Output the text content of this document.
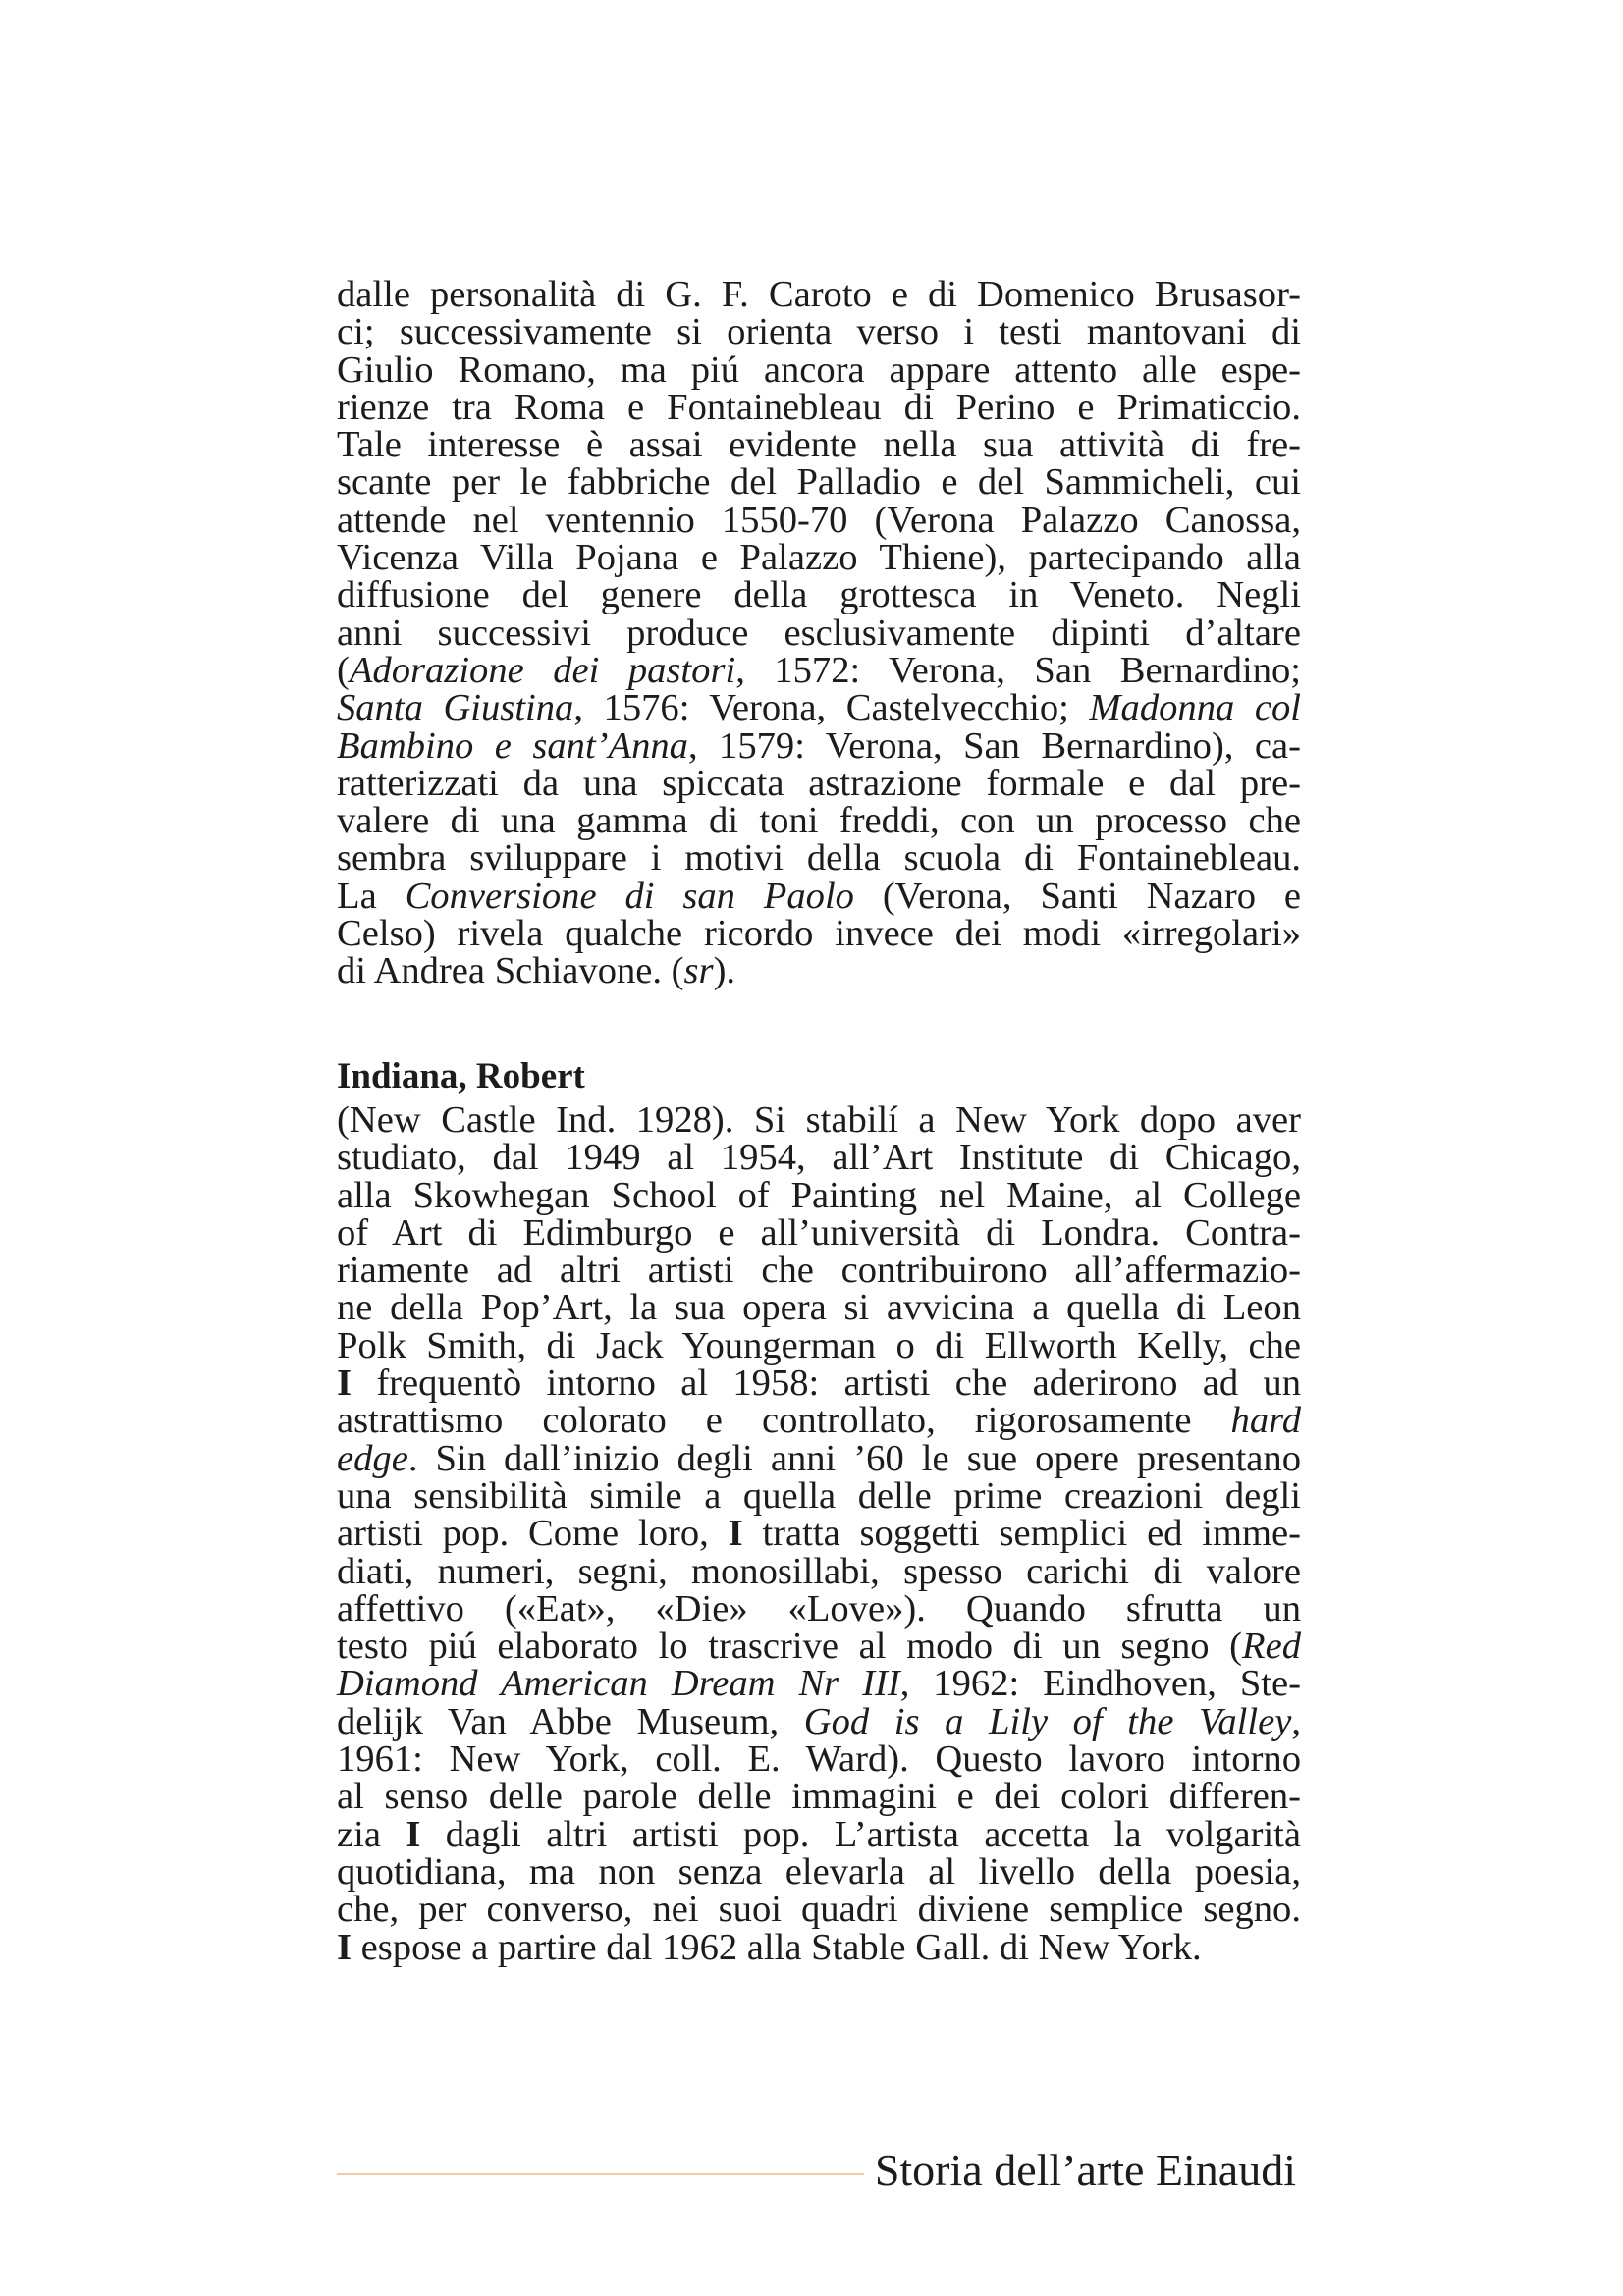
dalle personalità di G. F. Caroto e di Domenico Brusasor-
ci; successivamente si orienta verso i testi mantovani di
Giulio Romano, ma piú ancora appare attento alle espe-
rienze tra Roma e Fontainebleau di Perino e Primaticcio.
Tale interesse è assai evidente nella sua attività di fre-
scante per le fabbriche del Palladio e del Sammicheli, cui
attende nel ventennio 1550-70 (Verona Palazzo Canossa,
Vicenza Villa Pojana e Palazzo Thiene), partecipando alla
diffusione del genere della grottesca in Veneto. Negli
anni successivi produce esclusivamente dipinti d’altare
(Adorazione dei pastori, 1572: Verona, San Bernardino;
Santa Giustina, 1576: Verona, Castelvecchio; Madonna col
Bambino e sant’Anna, 1579: Verona, San Bernardino), ca-
ratterizzati da una spiccata astrazione formale e dal pre-
valere di una gamma di toni freddi, con un processo che
sembra sviluppare i motivi della scuola di Fontainebleau.
La Conversione di san Paolo (Verona, Santi Nazaro e
Celso) rivela qualche ricordo invece dei modi «irregolari»
di Andrea Schiavone. (sr).
Indiana, Robert
(New Castle Ind. 1928). Si stabilí a New York dopo aver
studiato, dal 1949 al 1954, all’Art Institute di Chicago,
alla Skowhegan School of Painting nel Maine, al College
of Art di Edimburgo e all’università di Londra. Contra-
riamente ad altri artisti che contribuirono all’affermazio-
ne della Pop’Art, la sua opera si avvicina a quella di Leon
Polk Smith, di Jack Youngerman o di Ellworth Kelly, che
I frequentò intorno al 1958: artisti che aderirono ad un
astrattismo colorato e controllato, rigorosamente hard
edge. Sin dall’inizio degli anni ’60 le sue opere presentano
una sensibilità simile a quella delle prime creazioni degli
artisti pop. Come loro, I tratta soggetti semplici ed imme-
diati, numeri, segni, monosillabi, spesso carichi di valore
affettivo («Eat», «Die» «Love»). Quando sfrutta un
testo piú elaborato lo trascrive al modo di un segno (Red
Diamond American Dream Nr III, 1962: Eindhoven, Ste-
delijk Van Abbe Museum, God is a Lily of the Valley,
1961: New York, coll. E. Ward). Questo lavoro intorno
al senso delle parole delle immagini e dei colori differen-
zia I dagli altri artisti pop. L’artista accetta la volgarità
quotidiana, ma non senza elevarla al livello della poesia,
che, per converso, nei suoi quadri diviene semplice segno.
I espose a partire dal 1962 alla Stable Gall. di New York.
Storia dell’arte Einaudi
